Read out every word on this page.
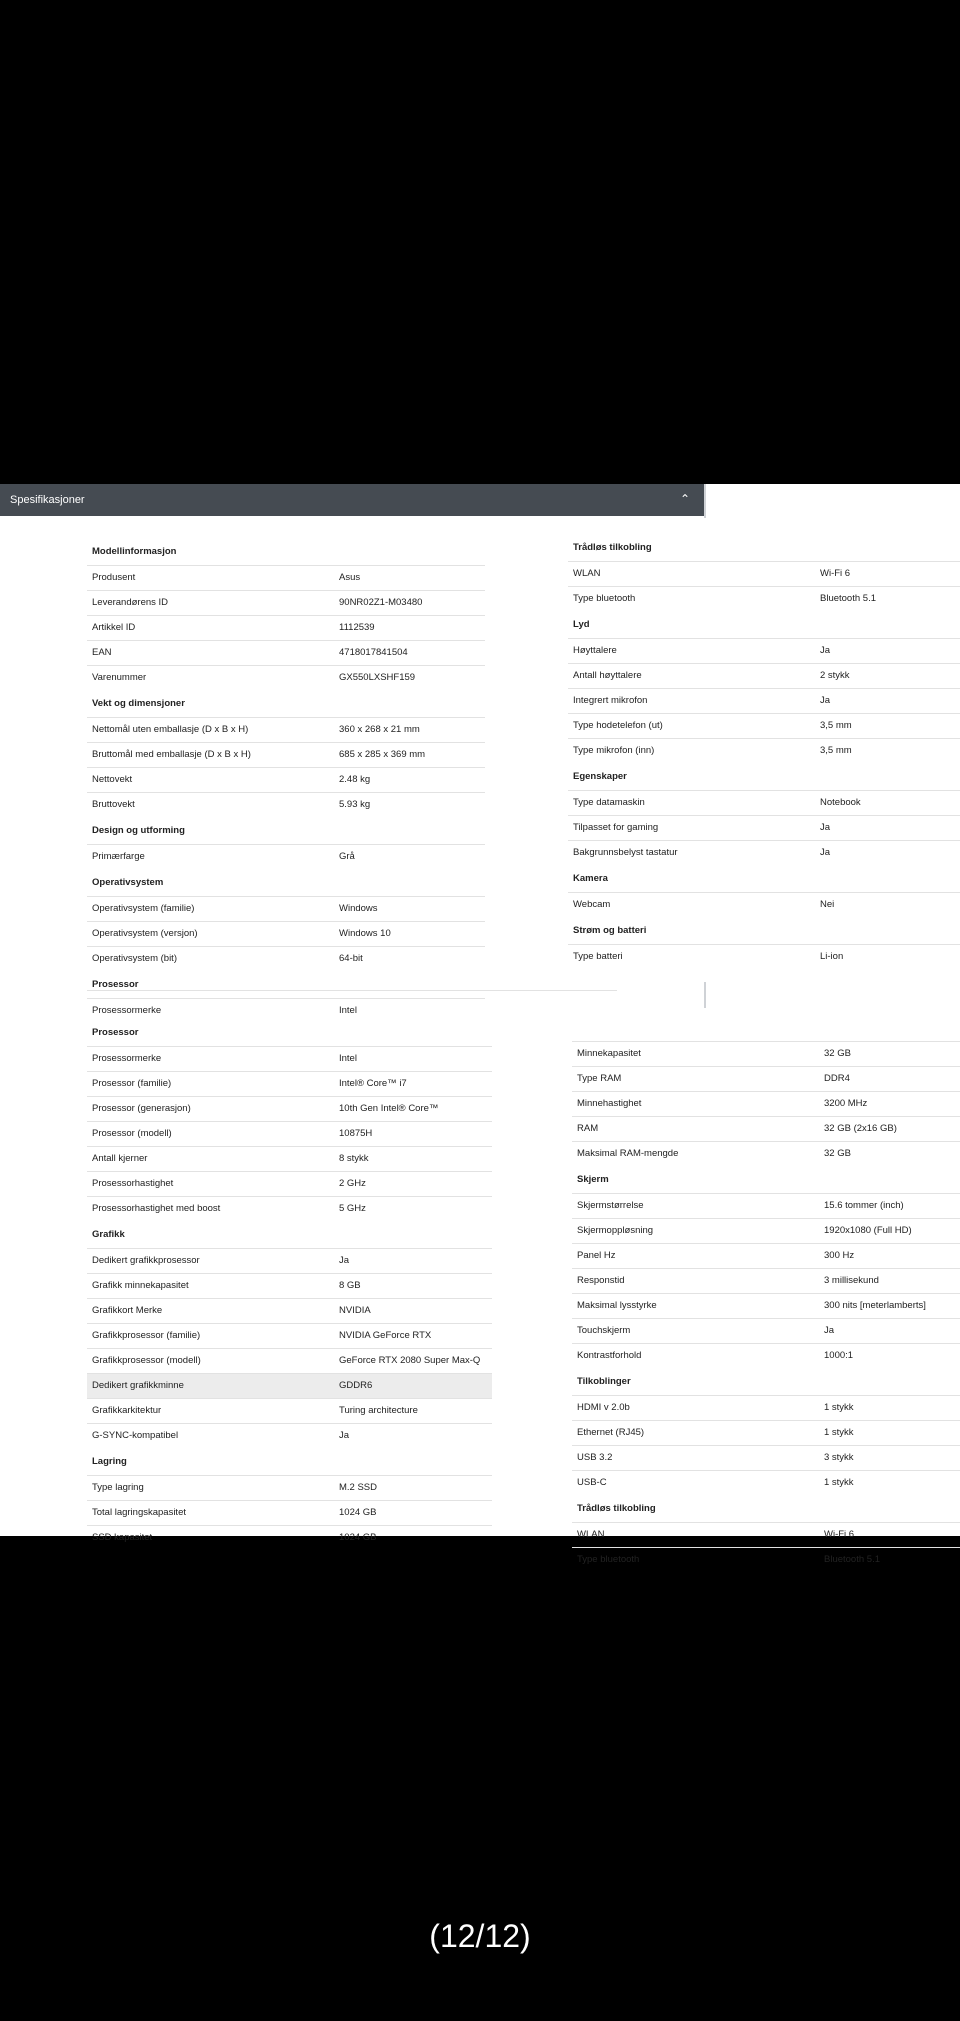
Spesifikasjoner	⌃
Modellinformasjon
Produsent	Asus
Leverandørens ID	90NR02Z1-M03480
Artikkel ID	1112539
EAN	4718017841504
Varenummer	GX550LXSHF159
Vekt og dimensjoner
Nettomål uten emballasje (D x B x H)	360 x 268 x 21 mm
Bruttomål med emballasje (D x B x H)	685 x 285 x 369 mm
Nettovekt	2.48 kg
Bruttovekt	5.93 kg
Design og utforming
Primærfarge	Grå
Operativsystem
Operativsystem (familie)	Windows
Operativsystem (versjon)	Windows 10
Operativsystem (bit)	64-bit
Prosessor
Prosessormerke	Intel
Trådløs tilkobling
WLAN	Wi-Fi 6
Type bluetooth	Bluetooth 5.1
Lyd
Høyttalere	Ja
Antall høyttalere	2 stykk
Integrert mikrofon	Ja
Type hodetelefon (ut)	3,5 mm
Type mikrofon (inn)	3,5 mm
Egenskaper
Type datamaskin	Notebook
Tilpasset for gaming	Ja
Bakgrunnsbelyst tastatur	Ja
Kamera
Webcam	Nei
Strøm og batteri
Type batteri	Li-ion
Prosessor
Prosessormerke	Intel
Prosessor (familie)	Intel® Core™ i7
Prosessor (generasjon)	10th Gen Intel® Core™
Prosessor (modell)	10875H
Antall kjerner	8 stykk
Prosessorhastighet	2 GHz
Prosessorhastighet med boost	5 GHz
Grafikk
Dedikert grafikkprosessor	Ja
Grafikk minnekapasitet	8 GB
Grafikkort Merke	NVIDIA
Grafikkprosessor (familie)	NVIDIA GeForce RTX
Grafikkprosessor (modell)	GeForce RTX 2080 Super Max-Q
Dedikert grafikkminne	GDDR6
Grafikkarkitektur	Turing architecture
G-SYNC-kompatibel	Ja
Lagring
Type lagring	M.2 SSD
Total lagringskapasitet	1024 GB
SSD kapasitet	1024 GB
Minnekapasitet	32 GB
Type RAM	DDR4
Minnehastighet	3200 MHz
RAM	32 GB (2x16 GB)
Maksimal RAM-mengde	32 GB
Skjerm
Skjermstørrelse	15.6 tommer (inch)
Skjermoppløsning	1920x1080 (Full HD)
Panel Hz	300 Hz
Responstid	3 millisekund
Maksimal lysstyrke	300 nits [meterlamberts]
Touchskjerm	Ja
Kontrastforhold	1000:1
Tilkoblinger
HDMI v 2.0b	1 stykk
Ethernet (RJ45)	1 stykk
USB 3.2	3 stykk
USB-C	1 stykk
Trådløs tilkobling
WLAN	Wi-Fi 6
Type bluetooth	Bluetooth 5.1
(12/12)
